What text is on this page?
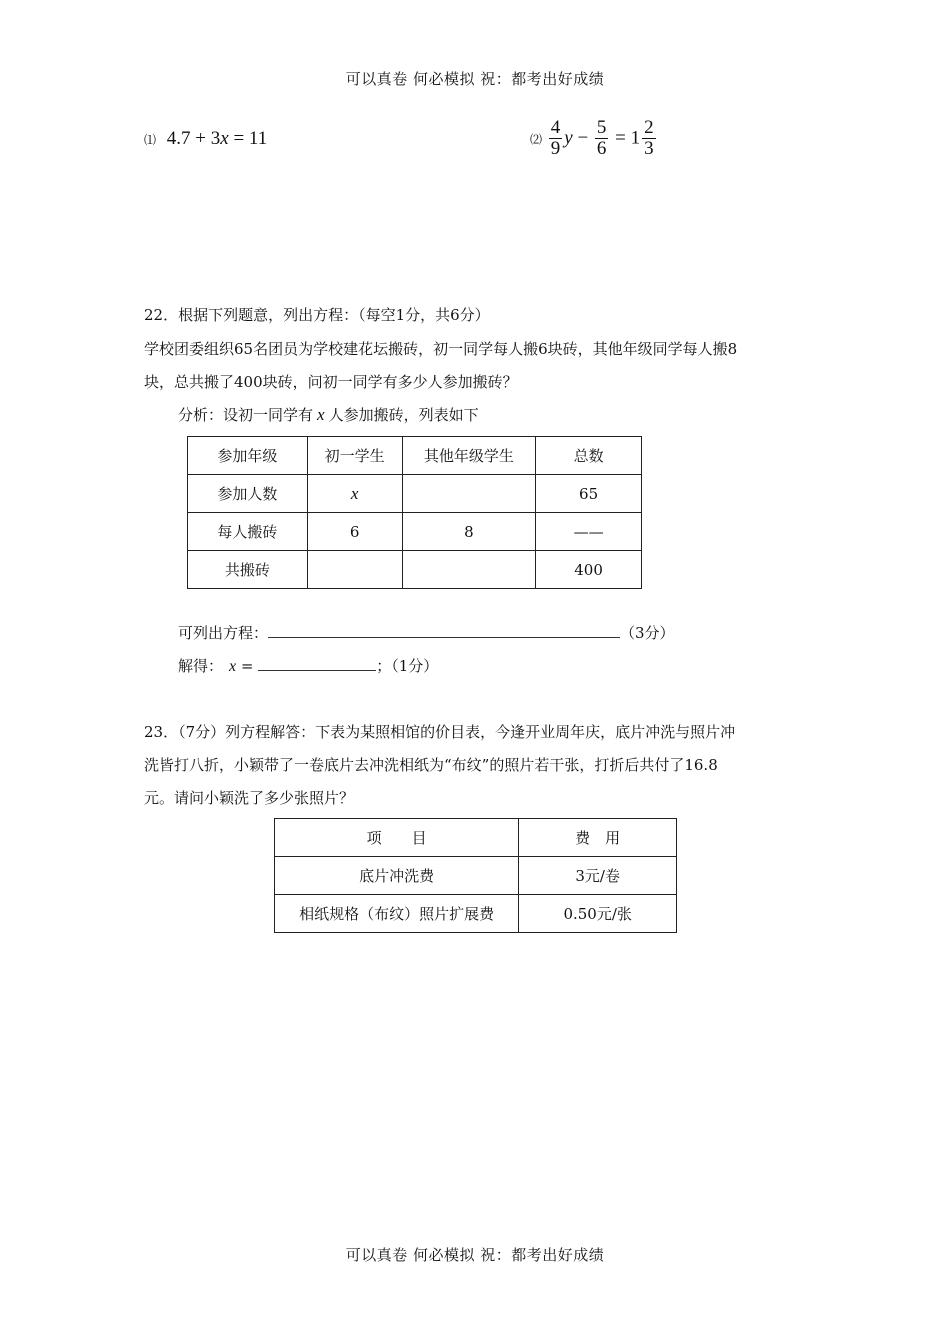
可以真卷 何必模拟 祝：都考出好成绩
⑴ 4.7 + 3x = 11	⑵ $\frac{4}{9}$ $y - \frac{5}{6} = 1 \frac{2}{3}$
22．根据下列题意，列出方程：（每空1分，共6分）
学校团委组织65名团员为学校建花坛搬砖，初一同学每人搬6块砖，其他年级同学每人搬8
块，总共搬了400块砖，问初一同学有多少人参加搬砖？
分析：设初一同学有 x 人参加搬砖，列表如下
参加年级	初一学生	其他年级学生	总数
参加人数	x		65
每人搬砖	6	8	——
共搬砖			400
可列出方程：	（3分）
解得： x =	；（1分）
23．（7分）列方程解答：下表为某照相馆的价目表，今逢开业周年庆，底片冲洗与照片冲
洗皆打八折，小颖带了一卷底片去冲洗相纸为“布纹”的照片若干张，打折后共付了16.8
元。请问小颖洗了多少张照片？
项　　目	费　用
底片冲洗费	3元/卷
相纸规格（布纹）照片扩展费	0.50元/张
可以真卷 何必模拟 祝：都考出好成绩
